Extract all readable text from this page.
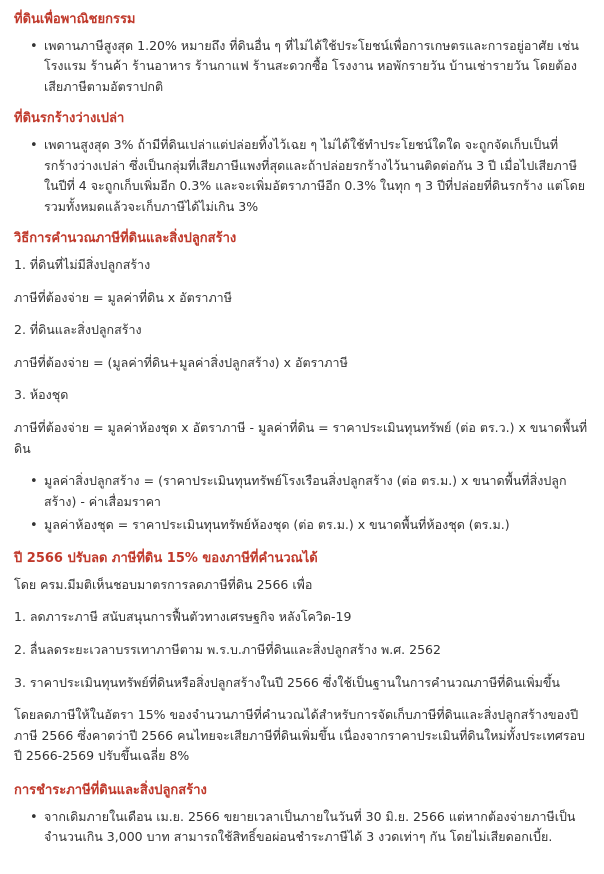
ที่ดินเพื่อพาณิชยกรรม
• เพดานภาษีสูงสุด 1.20% หมายถึง ที่ดินอื่น ๆ ที่ไม่ได้ใช้ประโยชน์เพื่อการเกษตรและการอยู่อาศัย เช่น โรงแรม ร้านค้า ร้านอาหาร ร้านกาแฟ ร้านสะดวกซื้อ โรงงาน หอพักรายวัน บ้านเช่ารายวัน โดยต้องเสียภาษีตามอัตราปกติ
ที่ดินรกร้างว่างเปล่า
• เพดานสูงสุด 3% ถ้ามีที่ดินเปล่าแต่ปล่อยทิ้งไว้เฉย ๆ ไม่ได้ใช้ทำประโยชน์ใดใด จะถูกจัดเก็บเป็นที่รกร้างว่างเปล่า ซึ่งเป็นกลุ่มที่เสียภาษีแพงที่สุดและถ้าปล่อยรกร้างไว้นานติดต่อกัน 3 ปี เมื่อไปเสียภาษีในปีที่ 4 จะถูกเก็บเพิ่มอีก 0.3% และจะเพิ่มอัตราภาษีอีก 0.3% ในทุก ๆ 3 ปีที่ปล่อยที่ดินรกร้าง แต่โดยรวมทั้งหมดแล้วจะเก็บภาษีได้ไม่เกิน 3%
วิธีการคำนวณภาษีที่ดินและสิ่งปลูกสร้าง

1. ที่ดินที่ไม่มีสิ่งปลูกสร้าง

ภาษีที่ต้องจ่าย = มูลค่าที่ดิน x อัตราภาษี

2. ที่ดินและสิ่งปลูกสร้าง

ภาษีที่ต้องจ่าย = (มูลค่าที่ดิน+มูลค่าสิ่งปลูกสร้าง) x อัตราภาษี

3. ห้องชุด

ภาษีที่ต้องจ่าย = มูลค่าห้องชุด x อัตราภาษี - มูลค่าที่ดิน = ราคาประเมินทุนทรัพย์ (ต่อ ตร.ว.) x ขนาดพื้นที่ดิน

• มูลค่าสิ่งปลูกสร้าง = (ราคาประเมินทุนทรัพย์โรงเรือนสิ่งปลูกสร้าง (ต่อ ตร.ม.) x ขนาดพื้นที่สิ่งปลูกสร้าง) - ค่าเสื่อมราคา
• มูลค่าห้องชุด = ราคาประเมินทุนทรัพย์ห้องชุด (ต่อ ตร.ม.) x ขนาดพื้นที่ห้องชุด (ตร.ม.)
ปี 2566 ปรับลด ภาษีที่ดิน 15% ของภาษีที่คำนวณได้

โดย ครม.มีมติเห็นชอบมาตรการลดภาษีที่ดิน 2566 เพื่อ

1. ลดภาระภาษี สนับสนุนการฟื้นตัวทางเศรษฐกิจ หลังโควิด-19

2. ลื่นลดระยะเวลาบรรเทาภาษีตาม พ.ร.บ.ภาษีที่ดินและสิ่งปลูกสร้าง พ.ศ. 2562

3. ราคาประเมินทุนทรัพย์ที่ดินหรือสิ่งปลูกสร้างในปี 2566 ซึ่งใช้เป็นฐานในการคำนวณภาษีที่ดินเพิ่มขึ้น

โดยลดภาษีให้ในอัตรา 15% ของจำนวนภาษีที่คำนวณได้สำหรับการจัดเก็บภาษีที่ดินและสิ่งปลูกสร้างของปีภาษี 2566 ซึ่งคาดว่าปี 2566 คนไทยจะเสียภาษีที่ดินเพิ่มขึ้น เนื่องจากราคาประเมินที่ดินใหม่ทั้งประเทศรอบปี 2566-2569 ปรับขึ้นเฉลี่ย 8%

การชำระภาษีที่ดินและสิ่งปลูกสร้าง
• จากเดิมภายในเดือน เม.ย. 2566 ขยายเวลาเป็นภายในวันที่ 30 มิ.ย. 2566 แต่หากต้องจ่ายภาษีเป็นจำนวนเกิน 3,000 บาท สามารถใช้สิทธิ์ขอผ่อนชำระภาษีได้ 3 งวดเท่าๆ กัน โดยไม่เสียดอกเบี้ย.
